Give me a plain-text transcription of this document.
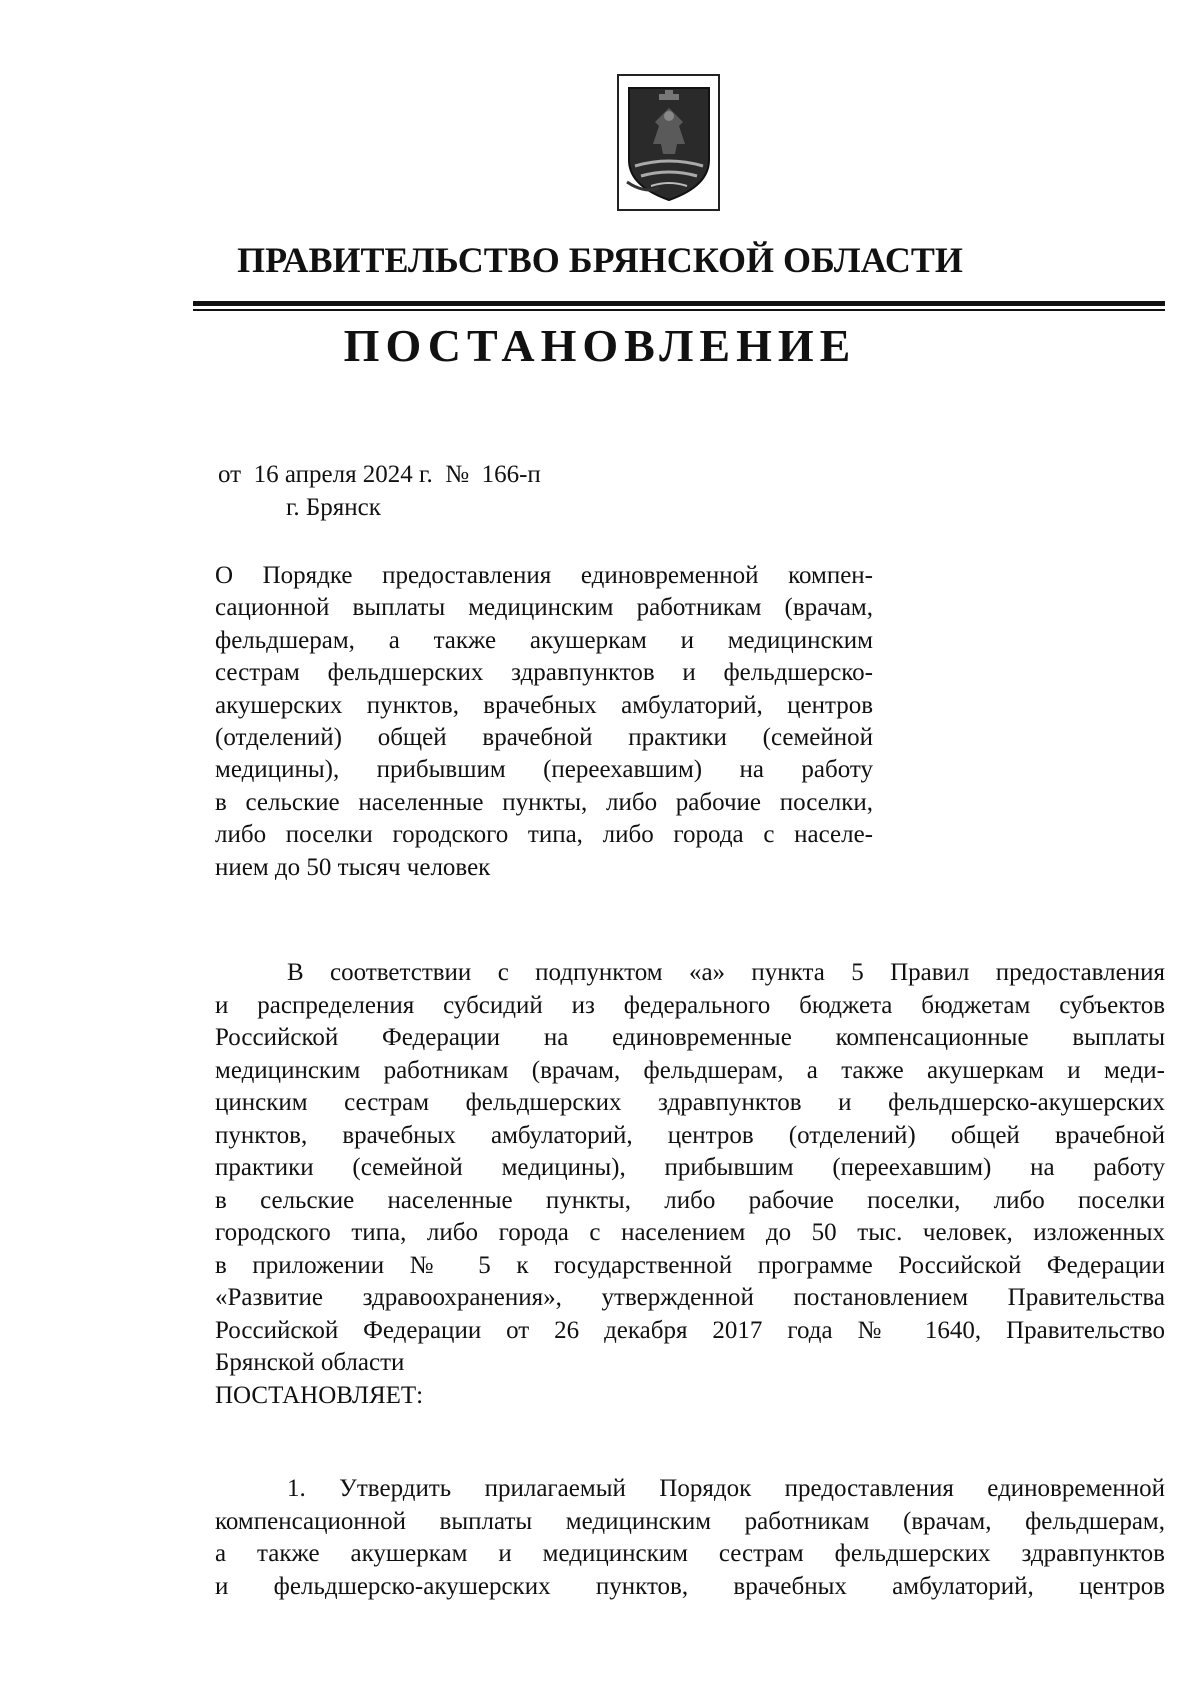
ПРАВИТЕЛЬСТВО БРЯНСКОЙ ОБЛАСТИ
ПОСТАНОВЛЕНИЕ
от  16 апреля 2024 г.  №  166-п
г. Брянск
О Порядке предоставления единовременной компен-
сационной выплаты медицинским работникам (врачам,
фельдшерам, а также акушеркам и медицинским
сестрам фельдшерских здравпунктов и фельдшерско-
акушерских пунктов, врачебных амбулаторий, центров
(отделений) общей врачебной практики (семейной
медицины), прибывшим (переехавшим) на работу
в сельские населенные пункты, либо рабочие поселки,
либо поселки городского типа, либо города с населе-
нием до 50 тысяч человек
В соответствии с подпунктом «а» пункта 5 Правил предоставления
и распределения субсидий из федерального бюджета бюджетам субъектов
Российской Федерации на единовременные компенсационные выплаты
медицинским работникам (врачам, фельдшерам, а также акушеркам и меди-
цинским сестрам фельдшерских здравпунктов и фельдшерско-акушерских
пунктов, врачебных амбулаторий, центров (отделений) общей врачебной
практики (семейной медицины), прибывшим (переехавшим) на работу
в сельские населенные пункты, либо рабочие поселки, либо поселки
городского типа, либо города с населением до 50 тыс. человек, изложенных
в приложении № 5 к государственной программе Российской Федерации
«Развитие здравоохранения», утвержденной постановлением Правительства
Российской Федерации от 26 декабря 2017 года № 1640, Правительство
Брянской области
ПОСТАНОВЛЯЕТ:
1. Утвердить прилагаемый Порядок предоставления единовременной
компенсационной выплаты медицинским работникам (врачам, фельдшерам,
а также акушеркам и медицинским сестрам фельдшерских здравпунктов
и фельдшерско-акушерских пунктов, врачебных амбулаторий, центров
